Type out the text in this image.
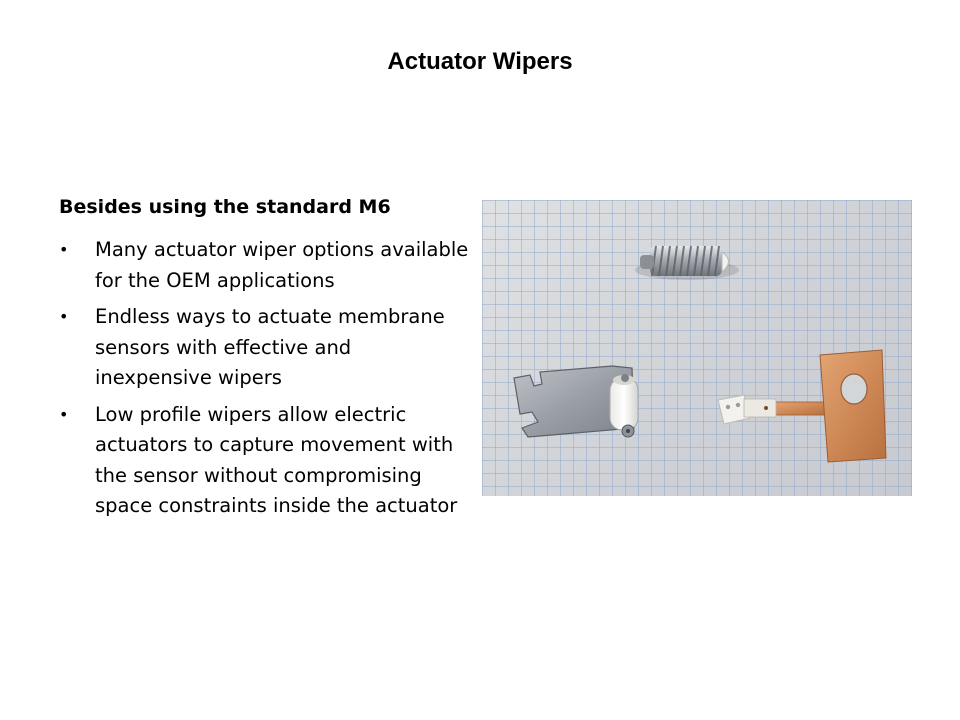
Actuator Wipers
Besides using the standard M6
• Many actuator wiper options available for the OEM applications
• Endless ways to actuate membrane sensors with effective and inexpensive wipers
• Low profile wipers allow electric actuators to capture movement with the sensor without compromising space constraints inside the actuator
